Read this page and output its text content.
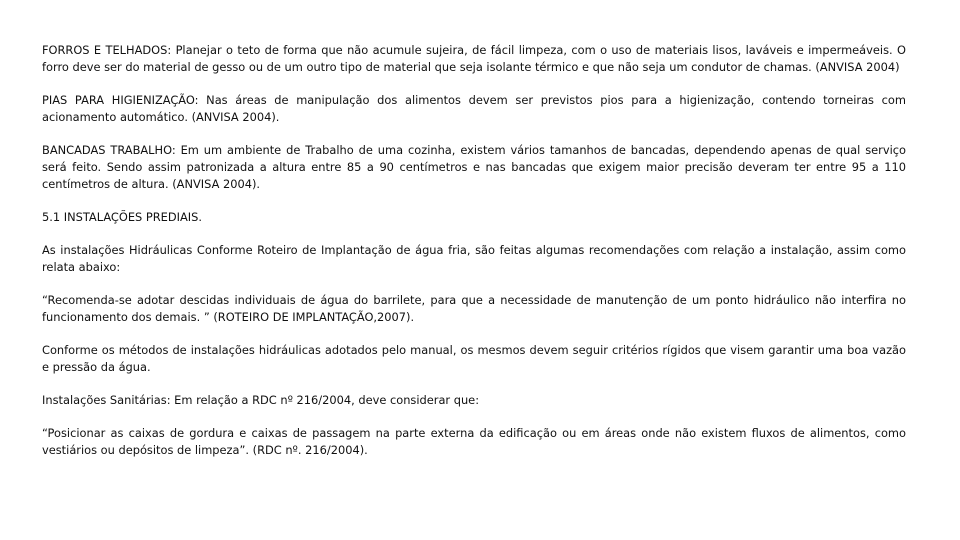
FORROS E TELHADOS: Planejar o teto de forma que não acumule sujeira, de fácil limpeza, com o uso de materiais lisos, laváveis e impermeáveis. O forro deve ser do material de gesso ou de um outro tipo de material que seja isolante térmico e que não seja um condutor de chamas. (ANVISA 2004)

PIAS PARA HIGIENIZAÇÃO: Nas áreas de manipulação dos alimentos devem ser previstos pios para a higienização, contendo torneiras com acionamento automático. (ANVISA 2004).

BANCADAS TRABALHO: Em um ambiente de Trabalho de uma cozinha, existem vários tamanhos de bancadas, dependendo apenas de qual serviço será feito. Sendo assim patronizada a altura entre 85 a 90 centímetros e nas bancadas que exigem maior precisão deveram ter entre 95 a 110 centímetros de altura. (ANVISA 2004).

5.1 INSTALAÇÕES PREDIAIS.

As instalações Hidráulicas Conforme Roteiro de Implantação de água fria, são feitas algumas recomendações com relação a instalação, assim como relata abaixo:

“Recomenda-se adotar descidas individuais de água do barrilete, para que a necessidade de manutenção de um ponto hidráulico não interfira no funcionamento dos demais. ” (ROTEIRO DE IMPLANTAÇÃO,2007).

Conforme os métodos de instalações hidráulicas adotados pelo manual, os mesmos devem seguir critérios rígidos que visem garantir uma boa vazão e pressão da água.

Instalações Sanitárias: Em relação a RDC nº 216/2004, deve considerar que:

“Posicionar as caixas de gordura e caixas de passagem na parte externa da edificação ou em áreas onde não existem fluxos de alimentos, como vestiários ou depósitos de limpeza”. (RDC nº. 216/2004).
